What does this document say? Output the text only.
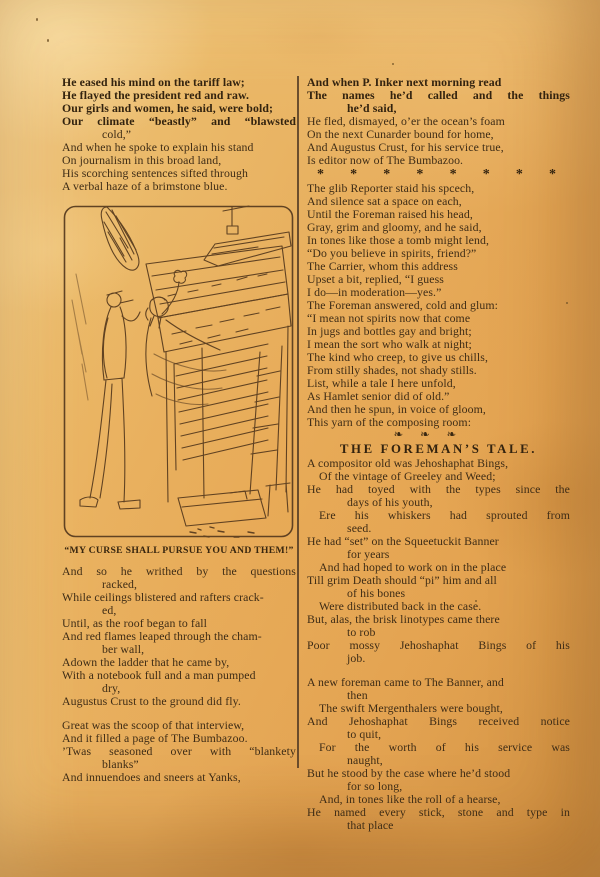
He eased his mind on the tariff law;
He flayed the president red and raw.
Our girls and women, he said, were bold;
Our climate “beastly” and “blawsted
cold,”
And when he spoke to explain his stand
On journalism in this broad land,
His scorching sentences sifted through
A verbal haze of a brimstone blue.
“MY CURSE SHALL PURSUE YOU AND THEM!”
And so he writhed by the questions
racked,
While ceilings blistered and rafters crack-
ed,
Until, as the roof began to fall
And red flames leaped through the cham-
ber wall,
Adown the ladder that he came by,
With a notebook full and a man pumped
dry,
Augustus Crust to the ground did fly.
Great was the scoop of that interview,
And it filled a page of The Bumbazoo.
’Twas seasoned over with “blankety
blanks”
And innuendoes and sneers at Yanks,
And when P. Inker next morning read
The names he’d called and the things
he’d said,
He fled, dismayed, o’er the ocean’s foam
On the next Cunarder bound for home,
And Augustus Crust, for his service true,
Is editor now of The Bumbazoo.
* * * * * * * *
The glib Reporter staid his spcech,
And silence sat a space on each,
Until the Foreman raised his head,
Gray, grim and gloomy, and he said,
In tones like those a tomb might lend,
“Do you believe in spirits, friend?”
The Carrier, whom this address
Upset a bit, replied, “I guess
I do—in moderation—yes.”
The Foreman answered, cold and glum:
“I mean not spirits now that come
In jugs and bottles gay and bright;
I mean the sort who walk at night;
The kind who creep, to give us chills,
From stilly shades, not shady stills.
List, while a tale I here unfold,
As Hamlet senior did of old.”
And then he spun, in voice of gloom,
This yarn of the composing room:
❧ ❧ ❧
THE FOREMAN’S TALE.
A compositor old was Jehoshaphat Bings,
Of the vintage of Greeley and Weed;
He had toyed with the types since the
days of his youth,
Ere his whiskers had sprouted from
seed.
He had “set” on the Squeetuckit Banner
for years
And had hoped to work on in the place
Till grim Death should “pi” him and all
of his bones
Were distributed back in the case.
But, alas, the brisk linotypes came there
to rob
Poor mossy Jehoshaphat Bings of his
job.
A new foreman came to The Banner, and
then
The swift Mergenthalers were bought,
And Jehoshaphat Bings received notice
to quit,
For the worth of his service was
naught,
But he stood by the case where he’d stood
for so long,
And, in tones like the roll of a hearse,
He named every stick, stone and type in
that place
